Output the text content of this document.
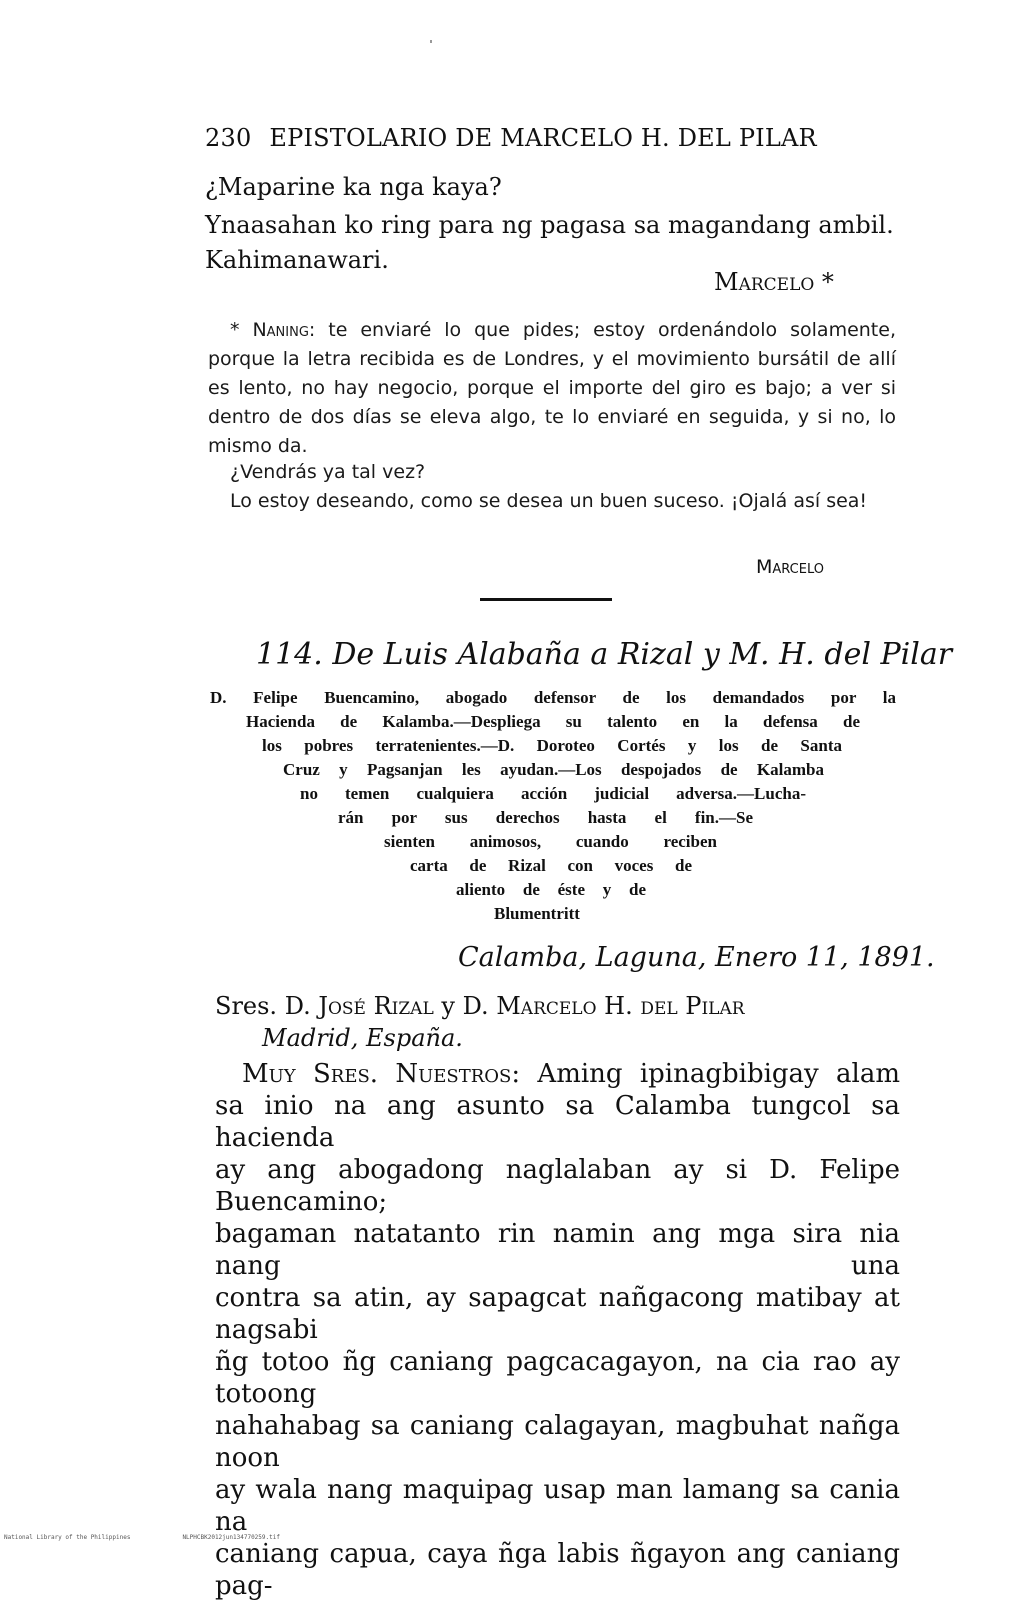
230 EPISTOLARIO DE MARCELO H. DEL PILAR
¿Maparine ka nga kaya?
Ynaasahan ko ring para ng pagasa sa magandang ambil.
Kahimanawari.
Marcelo *
* Naning: te enviaré lo que pides; estoy ordenándolo solamente, porque la letra recibida es de Londres, y el movimiento bursátil de allí es lento, no hay negocio, porque el importe del giro es bajo; a ver si dentro de dos días se eleva algo, te lo enviaré en seguida, y si no, lo mismo da.
¿Vendrás ya tal vez?
Lo estoy deseando, como se desea un buen suceso. ¡Ojalá así sea!
Marcelo
114. De Luis Alabaña a Rizal y M. H. del Pilar
D. Felipe Buencamino, abogado defensor de los demandados por la
Hacienda de Kalamba.—Despliega su talento en la defensa de
los pobres terratenientes.—D. Doroteo Cortés y los de Santa
Cruz y Pagsanjan les ayudan.—Los despojados de Kalamba
no temen cualquiera acción judicial adversa.—Lucha-
rán por sus derechos hasta el fin.—Se
sienten animosos, cuando reciben
carta de Rizal con voces de
aliento de éste y de
Blumentritt
Calamba, Laguna, Enero 11, 1891.
Sres. D. José Rizal y D. Marcelo H. del Pilar
Madrid, España.
Muy Sres. Nuestros: Aming ipinagbibigay alam
sa inio na ang asunto sa Calamba tungcol sa hacienda
ay ang abogadong naglalaban ay si D. Felipe Buencamino;
bagaman natatanto rin namin ang mga sira nia nang una
contra sa atin, ay sapagcat nañgacong matibay at nagsabi
ñg totoo ñg caniang pagcacagayon, na cia rao ay totoong
nahahabag sa caniang calagayan, magbuhat nañga noon
ay wala nang maquipag usap man lamang sa cania na
caniang capua, caya ñga labis ñgayon ang caniang pag-
National Library of the Philippines	NLPHCBK2012jun134770259.tif
